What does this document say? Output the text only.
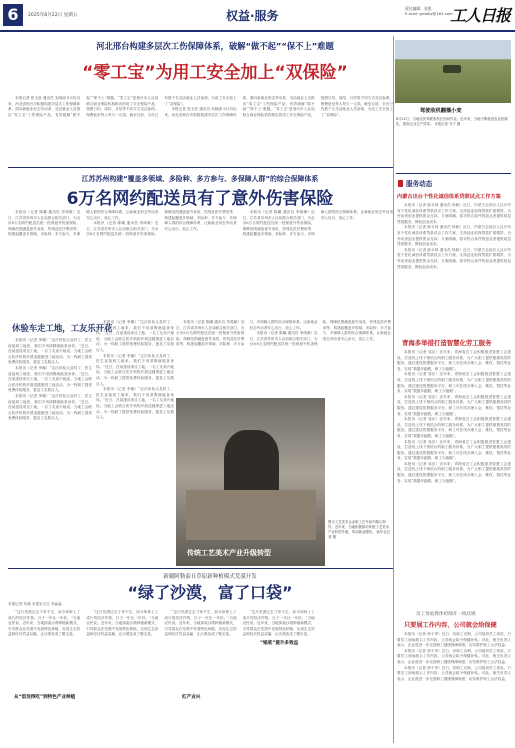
6	2025年8月22日 星期五	权益·服务
责任编辑：张锐
E-mail: grdaily@163.com
工人日报
河北邢台构建多层次工伤保障体系，破解“做不起”“保不上”难题
“零工宝”为用工安全加上“双保险”

本报记者 张玉营 通讯员 宋晓丽 8月份以来，河北省邢台市积极构建多层次工伤保障体系，面向新就业形态劳动者、灵活就业人员推出“零工宝”工伤保险产品，有效破解“做不起”“保不上”难题。“零工宝”是邢台市人社局联合商业保险机构推出的用工安全保险产品，按照日结、周结、月结等不同方式灵活参保，保费低至每人每天一元钱。截至目前，全市已有数千名灵活就业人员参保，为用工安全加上了“双保险”。

本报记者 张玉营 通讯员 宋晓丽 8月份以来，河北省邢台市积极构建多层次工伤保障体系，面向新就业形态劳动者、灵活就业人员推出“零工宝”工伤保险产品，有效破解“做不起”“保不上”难题。“零工宝”是邢台市人社局联合商业保险机构推出的用工安全保险产品，按照日结、周结、月结等不同方式灵活参保，保费低至每人每天一元钱。截至目前，全市已有数千名灵活就业人员参保，为用工安全加上了“双保险”。

驾驶收机翻播小麦
8月22日，当地农民驾驶收机在田间作业。近年来，当地不断推进农业机械化，提高农业生产效率。 本报记者 马宁 摄
江苏苏州构建“覆盖多领域、多险种、多方参与、多保障人群”的综合保障体系
6万名网约配送员有了意外伤害保险

本报讯（记者 陈曦 通讯员 李鸿雁）近日，江苏省苏州市人社局联合相关部门，为全市6万名网约配送员统一投保意外伤害保险，保障范围涵盖意外身故、伤残及医疗费用等，构建起覆盖多领域、多险种、多方参与、多保障人群的综合保障体系，让新就业形态劳动者安心出行、放心工作。

本报讯（记者 陈曦 通讯员 李鸿雁）近日，江苏省苏州市人社局联合相关部门，为全市6万名网约配送员统一投保意外伤害保险，保障范围涵盖意外身故、伤残及医疗费用等，构建起覆盖多领域、多险种、多方参与、多保障人群的综合保障体系，让新就业形态劳动者安心出行、放心工作。

本报讯（记者 陈曦 通讯员 李鸿雁）近日，江苏省苏州市人社局联合相关部门，为全市6万名网约配送员统一投保意外伤害保险，保障范围涵盖意外身故、伤残及医疗费用等，构建起覆盖多领域、多险种、多方参与、多保障人群的综合保障体系，让新就业形态劳动者安心出行、放心工作。

休验车走工地，工友乐开花

本报讯（记者 李娜）“这次体检太及时了，医生直接到工地来，我们不用请假就能查身体。”近日，在某建设项目工地，一名工友高兴地说。当地工会联合医疗机构开展送健康进工地活动，为一线职工提供免费体检服务，惠及工友数百人。

本报讯（记者 李娜）“这次体检太及时了，医生直接到工地来，我们不用请假就能查身体。”近日，在某建设项目工地，一名工友高兴地说。当地工会联合医疗机构开展送健康进工地活动，为一线职工提供免费体检服务，惠及工友数百人。

本报讯（记者 李娜）“这次体检太及时了，医生直接到工地来，我们不用请假就能查身体。”近日，在某建设项目工地，一名工友高兴地说。当地工会联合医疗机构开展送健康进工地活动，为一线职工提供免费体检服务，惠及工友数百人。

本报讯（记者 李娜）“这次体检太及时了，医生直接到工地来，我们不用请假就能查身体。”近日，在某建设项目工地，一名工友高兴地说。当地工会联合医疗机构开展送健康进工地活动，为一线职工提供免费体检服务，惠及工友数百人。

本报讯（记者 李娜）“这次体检太及时了，医生直接到工地来，我们不用请假就能查身体。”近日，在某建设项目工地，一名工友高兴地说。当地工会联合医疗机构开展送健康进工地活动，为一线职工提供免费体检服务，惠及工友数百人。

本报讯（记者 李娜）“这次体检太及时了，医生直接到工地来，我们不用请假就能查身体。”近日，在某建设项目工地，一名工友高兴地说。当地工会联合医疗机构开展送健康进工地活动，为一线职工提供免费体检服务，惠及工友数百人。

本报讯（记者 陈曦 通讯员 李鸿雁）近日，江苏省苏州市人社局联合相关部门，为全市6万名网约配送员统一投保意外伤害保险，保障范围涵盖意外身故、伤残及医疗费用等，构建起覆盖多领域、多险种、多方参与、多保障人群的综合保障体系，让新就业形态劳动者安心出行、放心工作。

本报讯（记者 陈曦 通讯员 李鸿雁）近日，江苏省苏州市人社局联合相关部门，为全市6万名网约配送员统一投保意外伤害保险，保障范围涵盖意外身故、伤残及医疗费用等，构建起覆盖多领域、多险种、多方参与、多保障人群的综合保障体系，让新就业形态劳动者安心出行、放心工作。

传统工艺美术产业升级转型
图为工艺美术企业职工在车间内精心制作。近年来，当地积极推动传统工艺美术产业转型升级，带动就业增收。 新华社记者 摄
新疆阿勒泰且草原新种植模式荒漠开发
“绿了沙漠，富了口袋”
本报记者 朱晓 本报实习生 李淼淼

“这片荒漠过去寸草不生，如今却种上了成片的经济作物，日子一年比一年好。”当地农民说。近年来，当地探索沙漠种植新模式，引导群众在荒漠中发展特色种植，实现生态效益和经济效益双赢，让沙漠变成了聚宝盆。

“这片荒漠过去寸草不生，如今却种上了成片的经济作物，日子一年比一年好。”当地农民说。近年来，当地探索沙漠种植新模式，引导群众在荒漠中发展特色种植，实现生态效益和经济效益双赢，让沙漠变成了聚宝盆。

“这片荒漠过去寸草不生，如今却种上了成片的经济作物，日子一年比一年好。”当地农民说。近年来，当地探索沙漠种植新模式，引导群众在荒漠中发展特色种植，实现生态效益和经济效益双赢，让沙漠变成了聚宝盆。

“这片荒漠过去寸草不生，如今却种上了成片的经济作物，日子一年比一年好。”当地农民说。近年来，当地探索沙漠种植新模式，引导群众在荒漠中发展特色种植，实现生态效益和经济效益双赢，让沙漠变成了聚宝盆。

从“饭没得吃”到特色产业种植	红产业兴
“锅底”提升多效益
服务动态
内蒙古出台个性化诚信体系贷款试点工作方案

本报讯（记者 薛永林 通讯员 杨帆）近日，内蒙古自治区人社厅印发个性化诚信体系贷款试点工作方案，支持创业担保贷款扩面增效，为劳动者创业提供资金支持。方案明确，将对符合条件的创业者提供贴息贷款服务，降低创业成本。

本报讯（记者 薛永林 通讯员 杨帆）近日，内蒙古自治区人社厅印发个性化诚信体系贷款试点工作方案，支持创业担保贷款扩面增效，为劳动者创业提供资金支持。方案明确，将对符合条件的创业者提供贴息贷款服务，降低创业成本。

本报讯（记者 薛永林 通讯员 杨帆）近日，内蒙古自治区人社厅印发个性化诚信体系贷款试点工作方案，支持创业担保贷款扩面增效，为劳动者创业提供资金支持。方案明确，将对符合条件的创业者提供贴息贷款服务，降低创业成本。

青海多举措打造智慧化劳工服务

本报讯（记者 邹乐）近年来，青海省总工会积极推进智慧工会建设，打造线上线下相结合的职工服务体系，为广大职工提供便捷高效的服务。通过建设智慧服务平台，职工可在线办理入会、维权、帮扶等业务，实现“数据多跑路，职工少跑腿”。

本报讯（记者 邹乐）近年来，青海省总工会积极推进智慧工会建设，打造线上线下相结合的职工服务体系，为广大职工提供便捷高效的服务。通过建设智慧服务平台，职工可在线办理入会、维权、帮扶等业务，实现“数据多跑路，职工少跑腿”。

本报讯（记者 邹乐）近年来，青海省总工会积极推进智慧工会建设，打造线上线下相结合的职工服务体系，为广大职工提供便捷高效的服务。通过建设智慧服务平台，职工可在线办理入会、维权、帮扶等业务，实现“数据多跑路，职工少跑腿”。

本报讯（记者 邹乐）近年来，青海省总工会积极推进智慧工会建设，打造线上线下相结合的职工服务体系，为广大职工提供便捷高效的服务。通过建设智慧服务平台，职工可在线办理入会、维权、帮扶等业务，实现“数据多跑路，职工少跑腿”。

本报讯（记者 邹乐）近年来，青海省总工会积极推进智慧工会建设，打造线上线下相结合的职工服务体系，为广大职工提供便捷高效的服务。通过建设智慧服务平台，职工可在线办理入会、维权、帮扶等业务，实现“数据多跑路，职工少跑腿”。

本报讯（记者 邹乐）近年来，青海省总工会积极推进智慧工会建设，打造线上线下相结合的职工服务体系，为广大职工提供便捷高效的服务。通过建设智慧服务平台，职工可在线办理入会、维权、帮扶等业务，实现“数据多跑路，职工少跑腿”。

员工体验教体检细开一线反映
只要展工作内容，公司就会给保健

本报讯（记者 徐子李）近日，有职工反映，公司组织员工体检，只要员工到场展示工作内容，公司就会给予保健补贴。对此，相关负责人表示，企业将进一步完善职工健康保障制度，切实维护职工合法权益。

本报讯（记者 徐子李）近日，有职工反映，公司组织员工体检，只要员工到场展示工作内容，公司就会给予保健补贴。对此，相关负责人表示，企业将进一步完善职工健康保障制度，切实维护职工合法权益。

本报讯（记者 徐子李）近日，有职工反映，公司组织员工体检，只要员工到场展示工作内容，公司就会给予保健补贴。对此，相关负责人表示，企业将进一步完善职工健康保障制度，切实维护职工合法权益。
